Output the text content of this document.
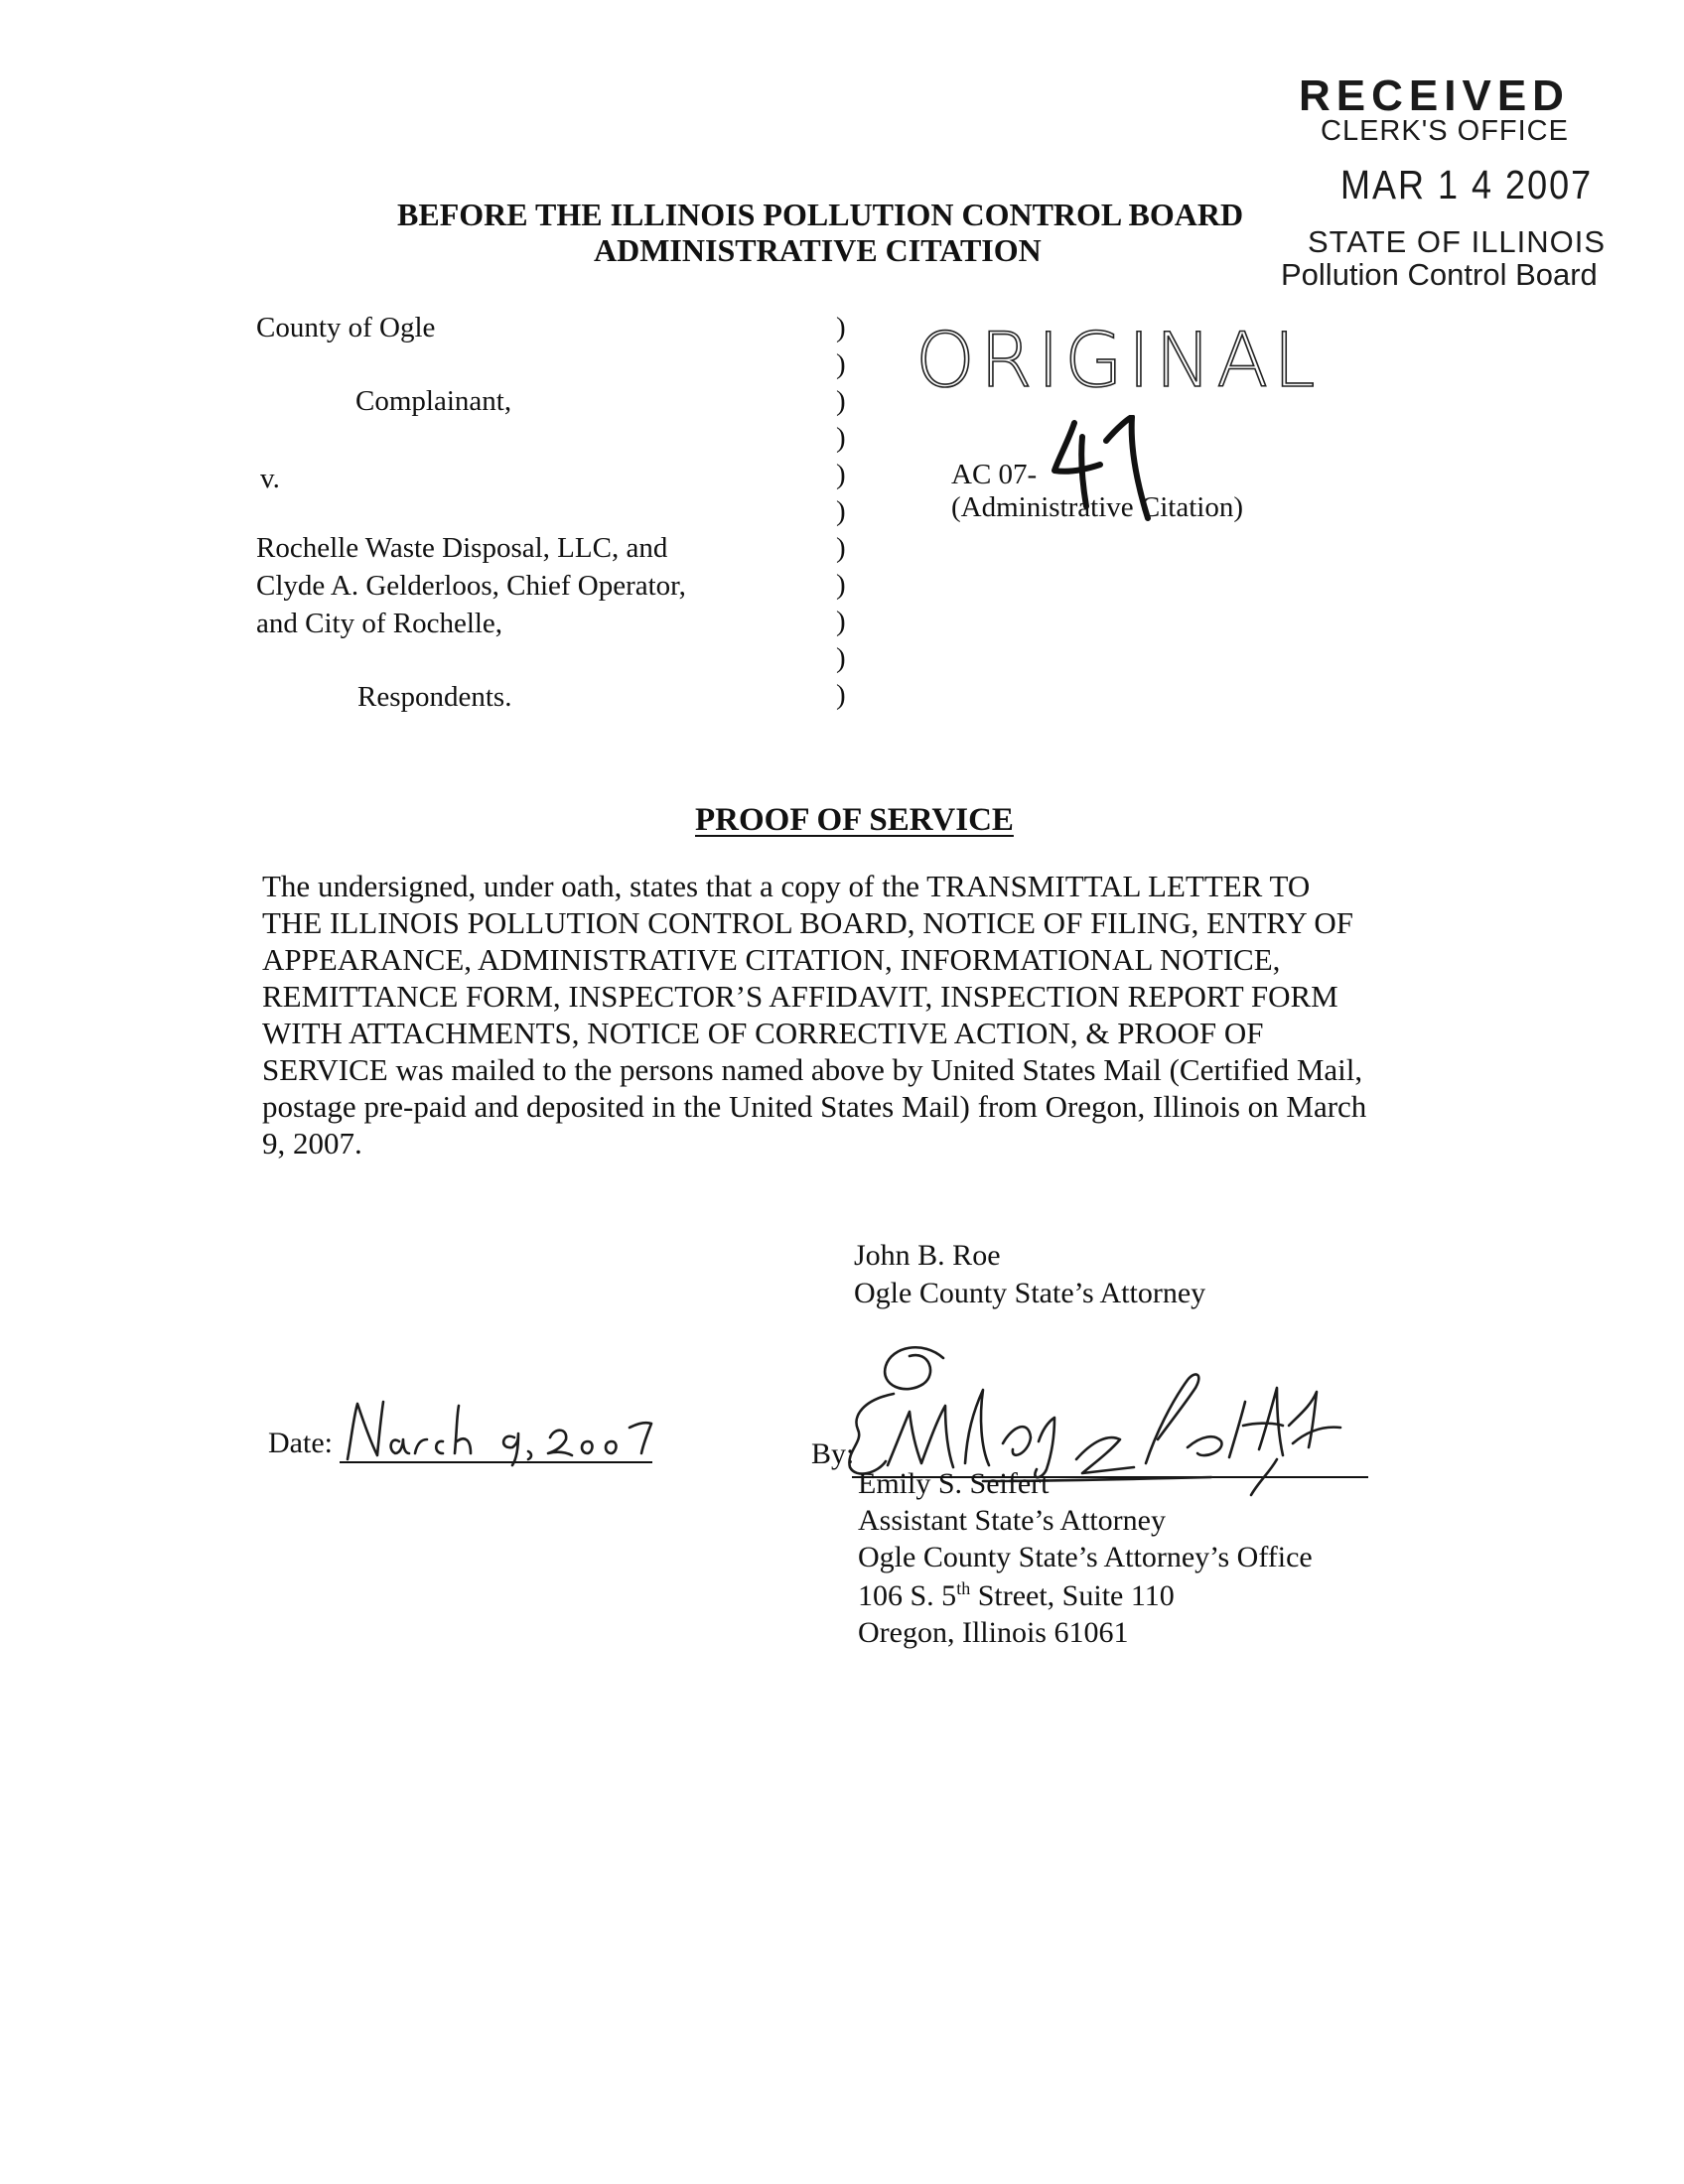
RECEIVED
CLERK'S OFFICE
MAR 1 4 2007
STATE OF ILLINOIS
Pollution Control Board
BEFORE THE ILLINOIS POLLUTION CONTROL BOARD
ADMINISTRATIVE CITATION
County of Ogle
Complainant,
v.
Rochelle Waste Disposal, LLC, and
Clyde A. Gelderloos, Chief Operator,
and City of Rochelle,
Respondents.
)
)
)
)
)
)
)
)
)
)
)
ORIGINAL
AC 07-
(Administrative Citation)
PROOF OF SERVICE
The undersigned, under oath, states that a copy of the TRANSMITTAL LETTER TO
THE ILLINOIS POLLUTION CONTROL BOARD, NOTICE OF FILING, ENTRY OF
APPEARANCE, ADMINISTRATIVE CITATION, INFORMATIONAL NOTICE,
REMITTANCE FORM, INSPECTOR’S AFFIDAVIT, INSPECTION REPORT FORM
WITH ATTACHMENTS, NOTICE OF CORRECTIVE ACTION, & PROOF OF
SERVICE was mailed to the persons named above by United States Mail (Certified Mail,
postage pre-paid and deposited in the United States Mail) from Oregon, Illinois on March
9, 2007.
John B. Roe
Ogle County State’s Attorney
Date:	By:
Emily S. Seifert
Assistant State’s Attorney
Ogle County State’s Attorney’s Office
106 S. 5th Street, Suite 110
Oregon, Illinois 61061
